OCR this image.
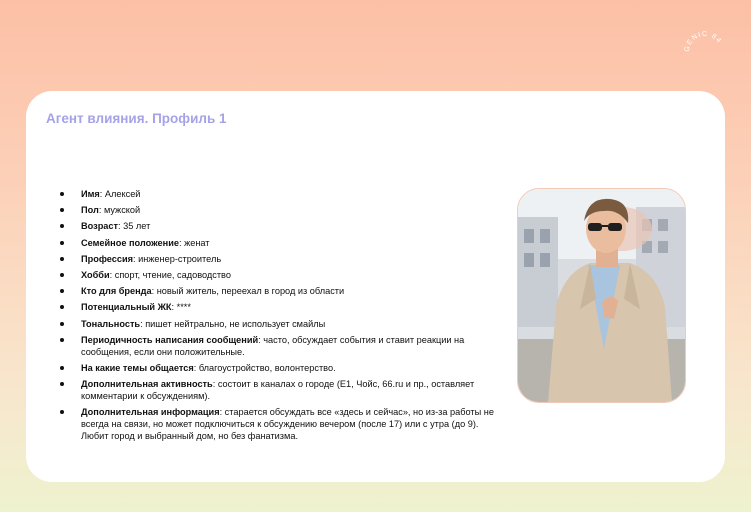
GENIC 84
Агент влияния. Профиль 1
Имя: Алексей
Пол: мужской
Возраст: 35 лет
Семейное положение: женат
Профессия: инженер-строитель
Хобби: спорт, чтение, садоводство
Кто для бренда: новый житель, переехал в город из области
Потенциальный ЖК: ****
Тональность: пишет нейтрально, не использует смайлы
Периодичность написания сообщений: часто, обсуждает события и ставит реакции на сообщения, если они положительные.
На какие темы общается: благоустройство, волонтерство.
Дополнительная активность: состоит в каналах о городе (E1, Чойс, 66.ru и пр., оставляет комментарии к обсуждениям).
Дополнительная информация: старается обсуждать все «здесь и сейчас», но из-за работы не всегда на связи, но может подключиться к обсуждению вечером (после 17) или с утра (до 9). Любит город и выбранный дом, но без фанатизма.
